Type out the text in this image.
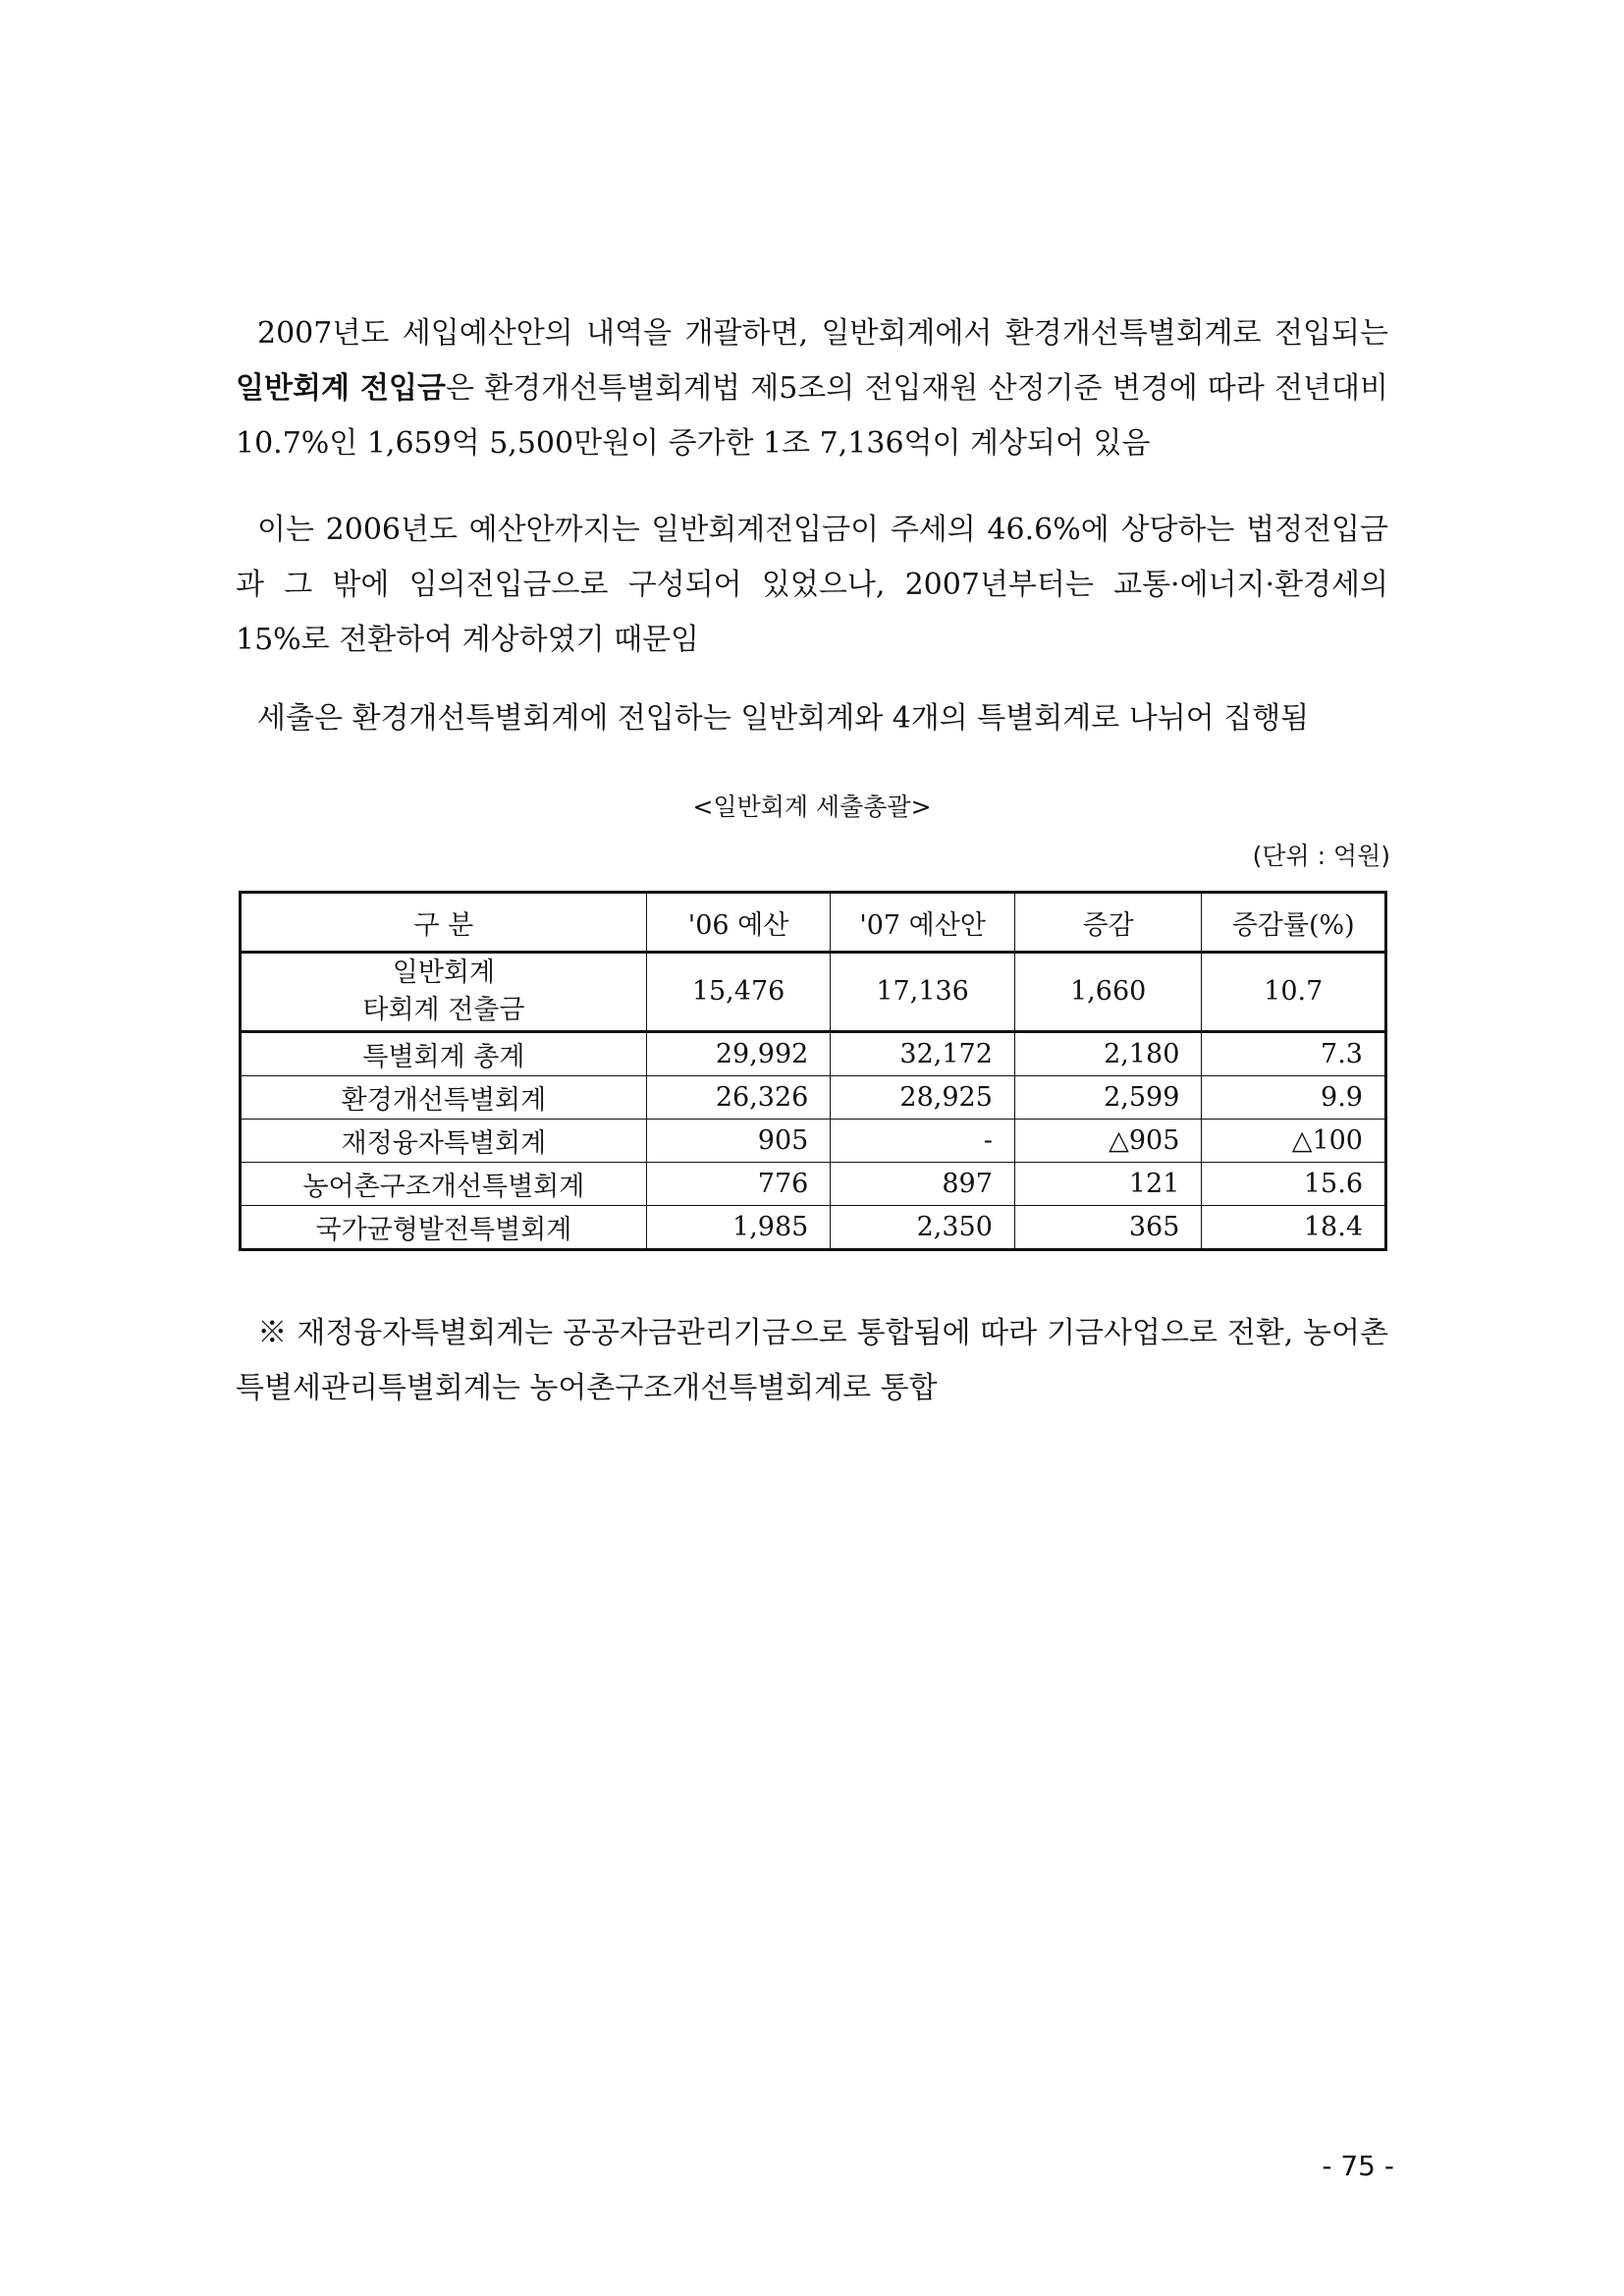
2007년도 세입예산안의 내역을 개괄하면, 일반회계에서 환경개선특별회계로 전입되는 일반회계 전입금은 환경개선특별회계법 제5조의 전입재원 산정기준 변경에 따라 전년대비 10.7%인 1,659억 5,500만원이 증가한 1조 7,136억이 계상되어 있음

이는 2006년도 예산안까지는 일반회계전입금이 주세의 46.6%에 상당하는 법정전입금과 그 밖에 임의전입금으로 구성되어 있었으나, 2007년부터는 교통·에너지·환경세의 15%로 전환하여 계상하였기 때문임

세출은 환경개선특별회계에 전입하는 일반회계와 4개의 특별회계로 나뉘어 집행됨

<일반회계 세출총괄>
(단위 : 억원)
구 분	'06 예산	'07 예산안	증감	증감률(%)

일반회계
타회계 전출금	15,476	17,136	1,660	10.7
특별회계 총계	29,992	32,172	2,180	7.3
환경개선특별회계	26,326	28,925	2,599	9.9
재정융자특별회계	905	-	△905	△100
농어촌구조개선특별회계	776	897	121	15.6
국가균형발전특별회계	1,985	2,350	365	18.4

※ 재정융자특별회계는 공공자금관리기금으로 통합됨에 따라 기금사업으로 전환, 농어촌특별세관리특별회계는 농어촌구조개선특별회계로 통합

- 75 -
